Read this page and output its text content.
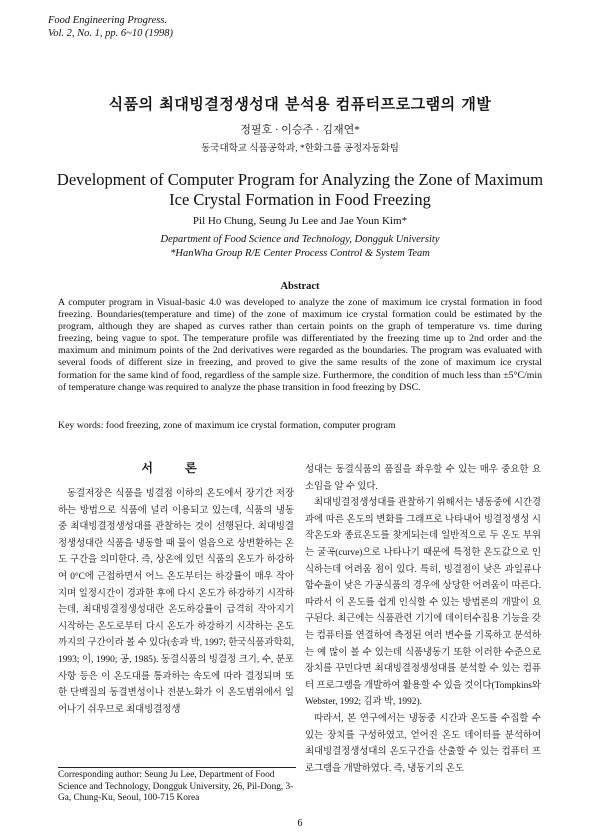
Food Engineering Progress.
Vol. 2, No. 1, pp. 6~10 (1998)
식품의 최대빙결정생성대 분석용 컴퓨터프로그램의 개발
정필호 · 이승주 · 김재연*
동국대학교 식품공학과, *한화그룹 공정자동화팀
Development of Computer Program for Analyzing the Zone of Maximum
Ice Crystal Formation in Food Freezing
Pil Ho Chung, Seung Ju Lee and Jae Youn Kim*
Department of Food Science and Technology, Dongguk University
*HanWha Group R/E Center Process Control & System Team
Abstract
A computer program in Visual-basic 4.0 was developed to analyze the zone of maximum ice crystal formation in food freezing. Boundaries(temperature and time) of the zone of maximum ice crystal formation could be estimated by the program, although they are shaped as curves rather than certain points on the graph of temperature vs. time during freezing, being vague to spot. The temperature profile was differentiated by the freezing time up to 2nd order and the maximum and minimum points of the 2nd derivatives were regarded as the boundaries. The program was evaluated with several foods of different size in freezing, and proved to give the same results of the zone of maximum ice crystal formation for the same kind of food, regardless of the sample size. Furthermore, the condition of much less than ±5°C/min of temperature change was required to analyze the phase transition in food freezing by DSC.
Key words: food freezing, zone of maximum ice crystal formation, computer program
서 론

동결저장은 식품을 빙결점 이하의 온도에서 장기간 저장하는 방법으로 식품에 널리 이용되고 있는데, 식품의 냉동중 최대빙결정생성대를 관찰하는 것이 선행된다. 최대빙결정생성대란 식품을 냉동할 때 물이 얼음으로 상변환하는 온도 구간을 의미한다. 즉, 상온에 있던 식품의 온도가 하강하여 0°C에 근접하면서 어느 온도부터는 하강률이 매우 작아지며 일정시간이 경과한 후에 다시 온도가 하강하기 시작하는데, 최대빙결정생성대란 온도하강률이 급격히 작아지기 시작하는 온도로부터 다시 온도가 하강하기 시작하는 온도까지의 구간이라 볼 수 있다(송과 박, 1997; 한국식품과학회, 1993; 이, 1990; 공, 1985). 동결식품의 빙결정 크기, 수, 분포사항 등은 이 온도대를 통과하는 속도에 따라 결정되며 또한 단백질의 동결변성이나 전분노화가 이 온도범위에서 일어나기 쉬우므로 최대빙결정생

성대는 동결식품의 품질을 좌우할 수 있는 매우 중요한 요소임을 알 수 있다.

최대빙결정생성대를 관찰하기 위해서는 냉동중에 시간경과에 따른 온도의 변화를 그래프로 나타내어 빙결정생성 시작온도와 종료온도를 찾게되는데 일반적으로 두 온도 부위는 굴곡(curve)으로 나타나기 때문에 특정한 온도값으로 인식하는데 어려움 점이 있다. 특히, 빙결점이 낮은 과일류나 함수율이 낮은 가공식품의 경우에 상당한 어려움이 따른다. 따라서 이 온도를 쉽게 인식할 수 있는 방법론의 개발이 요구된다. 최근에는 식품관련 기기에 데이터수집용 기능을 갖는 컴퓨터를 연결하여 측정된 여러 변수를 기록하고 분석하는 예 많이 볼 수 있는데 식품냉동기 또한 이러한 수준으로 장치를 꾸민다면 최대빙결정생성대를 분석할 수 있는 컴퓨터 프로그램을 개발하여 활용할 수 있을 것이다(Tompkins와 Webster, 1992; 김과 박, 1992).

따라서, 본 연구에서는 냉동중 시간과 온도를 수집할 수 있는 장치를 구성하였고, 얻어진 온도 데이터를 분석하여 최대빙결정생성대의 온도구간을 산출할 수 있는 컴퓨터 프로그램을 개발하였다. 즉, 냉동기의 온도

Corresponding author: Seung Ju Lee, Department of Food Science and Technology, Dongguk University, 26, Pil-Dong, 3-Ga, Chung-Ku, Seoul, 100-715 Korea
6
